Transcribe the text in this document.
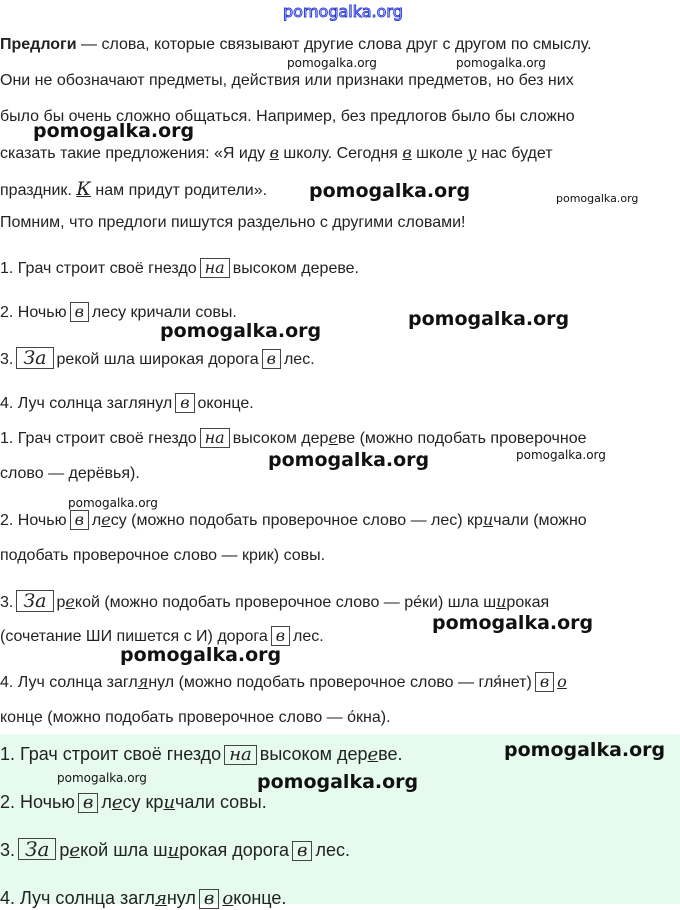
pomogalka.org
pomogalka.org	pomogalka.org
pomogalka.org
pomogalka.org	pomogalka.org
pomogalka.org
pomogalka.org
pomogalka.org	pomogalka.org
pomogalka.org
pomogalka.org
pomogalka.org
Предлоги — слова, которые связывают другие слова друг с другом по смыслу.
Они не обозначают предметы, действия или признаки предметов, но без них
было бы очень сложно общаться. Например, без предлогов было бы сложно
сказать такие предложения: «Я иду в школу. Сегодня в школе у нас будет
праздник. К нам придут родители».
Помним, что предлоги пишутся раздельно с другими словами!
1. Грач строит своё гнездо на высоком дереве.
2. Ночью в лесу кричали совы.
3. За рекой шла широкая дорога в лес.
4. Луч солнца заглянул в оконце.
1. Грач строит своё гнездо на высоком дереве (можно подобать проверочное
слово — дерёвья).
2. Ночью в лесу (можно подобать проверочное слово — лес) кричали (можно
подобать проверочное слово — крик) совы.
3. За рекой (можно подобать проверочное слово — ре́ки) шла широкая
(сочетание ШИ пишется с И) дорога в лес.
4. Луч солнца заглянул (можно подобать проверочное слово — гля́нет) в о
конце (можно подобать проверочное слово — о́кна).
1. Грач строит своё гнездо на высоком дереве.
2. Ночью в лесу кричали совы.
3. За рекой шла широкая дорога в лес.
4. Луч солнца заглянул в оконце.
pomogalka.org
pomogalka.org	pomogalka.org
